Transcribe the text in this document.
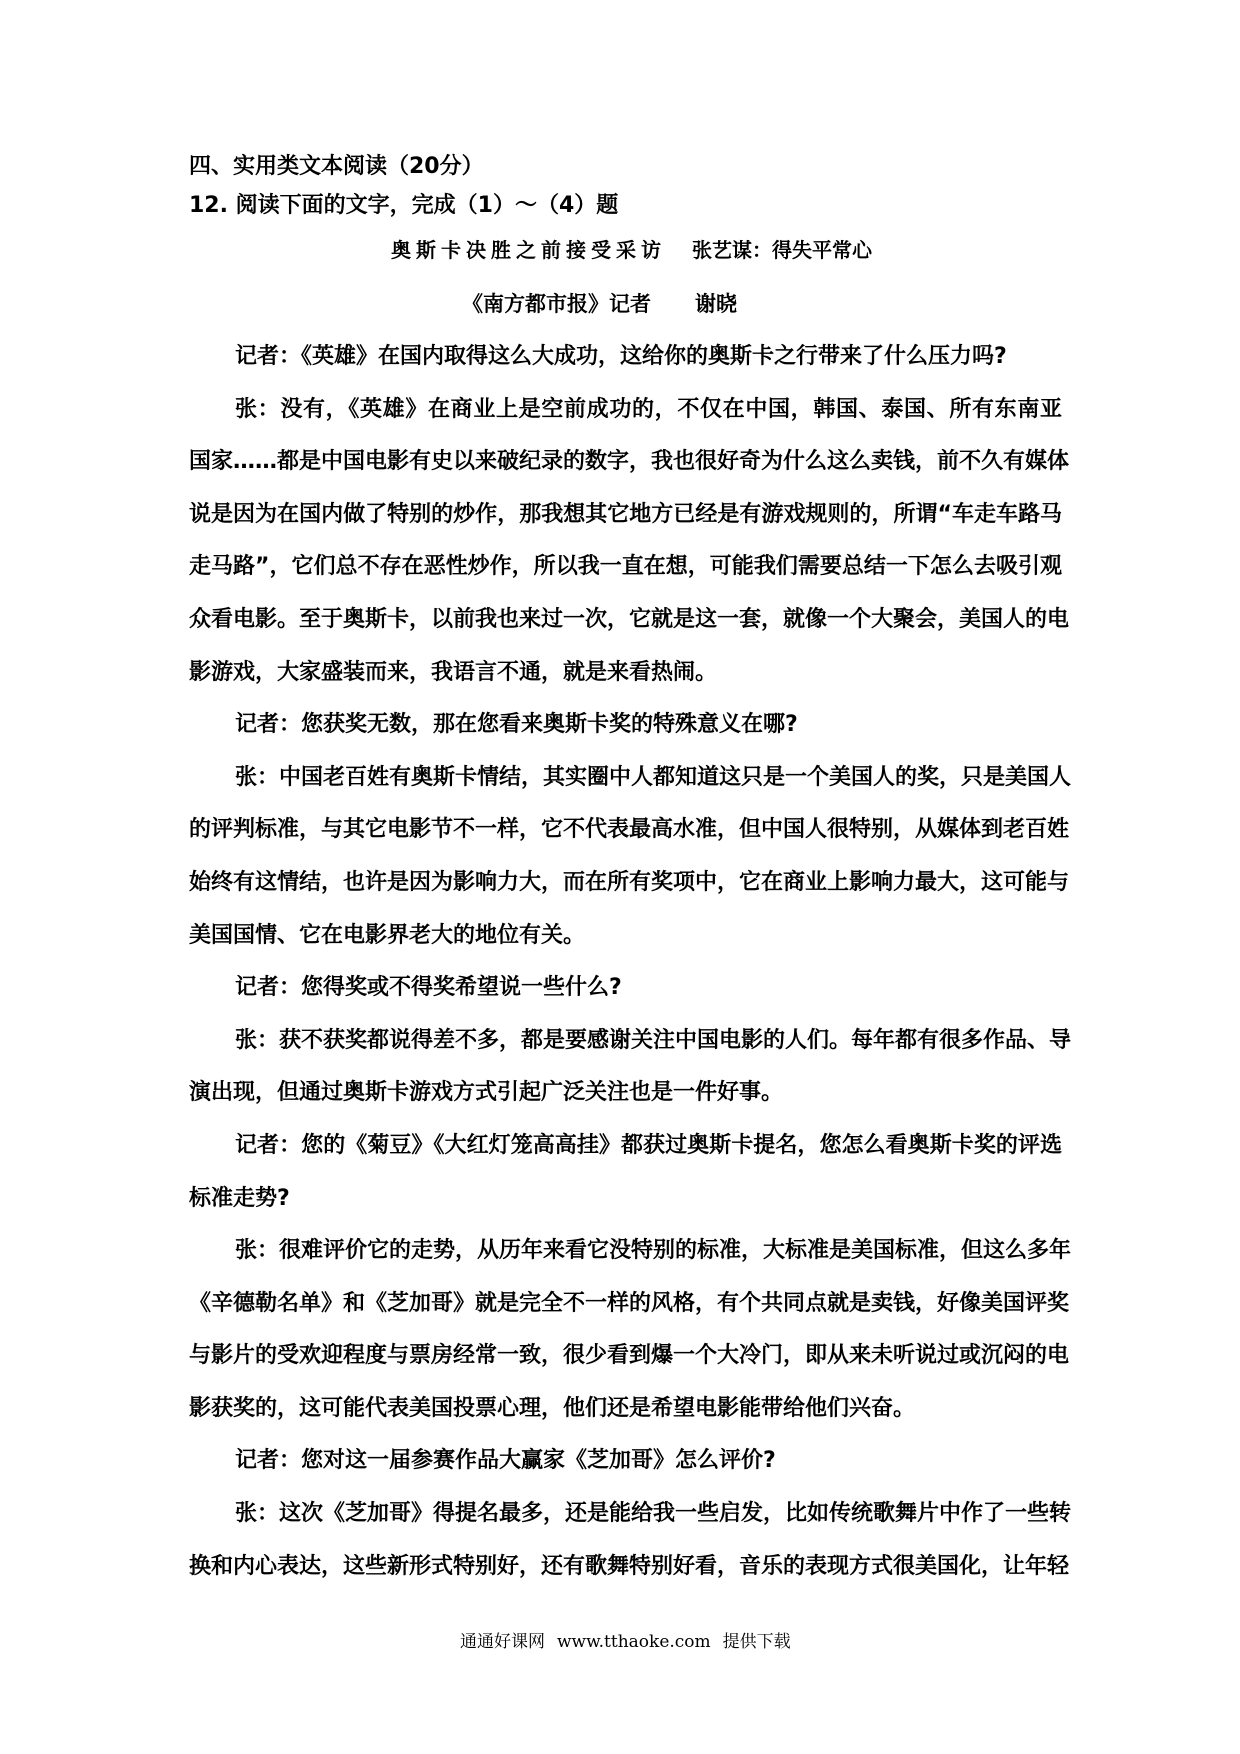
四、实用类文本阅读（20分）
12. 阅读下面的文字，完成（1）～（4）题
奥斯卡决胜之前接受采访 张艺谋：得失平常心
《南方都市报》记者 谢晓
记者：《英雄》在国内取得这么大成功，这给你的奥斯卡之行带来了什么压力吗?
张：没有，《英雄》在商业上是空前成功的，不仅在中国，韩国、泰国、所有东南亚
国家……都是中国电影有史以来破纪录的数字，我也很好奇为什么这么卖钱，前不久有媒体
说是因为在国内做了特别的炒作，那我想其它地方已经是有游戏规则的，所谓“车走车路马
走马路”，它们总不存在恶性炒作，所以我一直在想，可能我们需要总结一下怎么去吸引观
众看电影。至于奥斯卡，以前我也来过一次，它就是这一套，就像一个大聚会，美国人的电
影游戏，大家盛装而来，我语言不通，就是来看热闹。
记者：您获奖无数，那在您看来奥斯卡奖的特殊意义在哪?
张：中国老百姓有奥斯卡情结，其实圈中人都知道这只是一个美国人的奖，只是美国人
的评判标准，与其它电影节不一样，它不代表最高水准，但中国人很特别，从媒体到老百姓
始终有这情结，也许是因为影响力大，而在所有奖项中，它在商业上影响力最大，这可能与
美国国情、它在电影界老大的地位有关。
记者：您得奖或不得奖希望说一些什么?
张：获不获奖都说得差不多，都是要感谢关注中国电影的人们。每年都有很多作品、导
演出现，但通过奥斯卡游戏方式引起广泛关注也是一件好事。
记者：您的《菊豆》《大红灯笼高高挂》都获过奥斯卡提名，您怎么看奥斯卡奖的评选
标准走势?
张：很难评价它的走势，从历年来看它没特别的标准，大标准是美国标准，但这么多年
《辛德勒名单》和《芝加哥》就是完全不一样的风格，有个共同点就是卖钱，好像美国评奖
与影片的受欢迎程度与票房经常一致，很少看到爆一个大冷门，即从来未听说过或沉闷的电
影获奖的，这可能代表美国投票心理，他们还是希望电影能带给他们兴奋。
记者：您对这一届参赛作品大赢家《芝加哥》怎么评价?
张：这次《芝加哥》得提名最多，还是能给我一些启发，比如传统歌舞片中作了一些转
换和内心表达，这些新形式特别好，还有歌舞特别好看，音乐的表现方式很美国化，让年轻
通通好课网 www.tthaoke.com 提供下载
